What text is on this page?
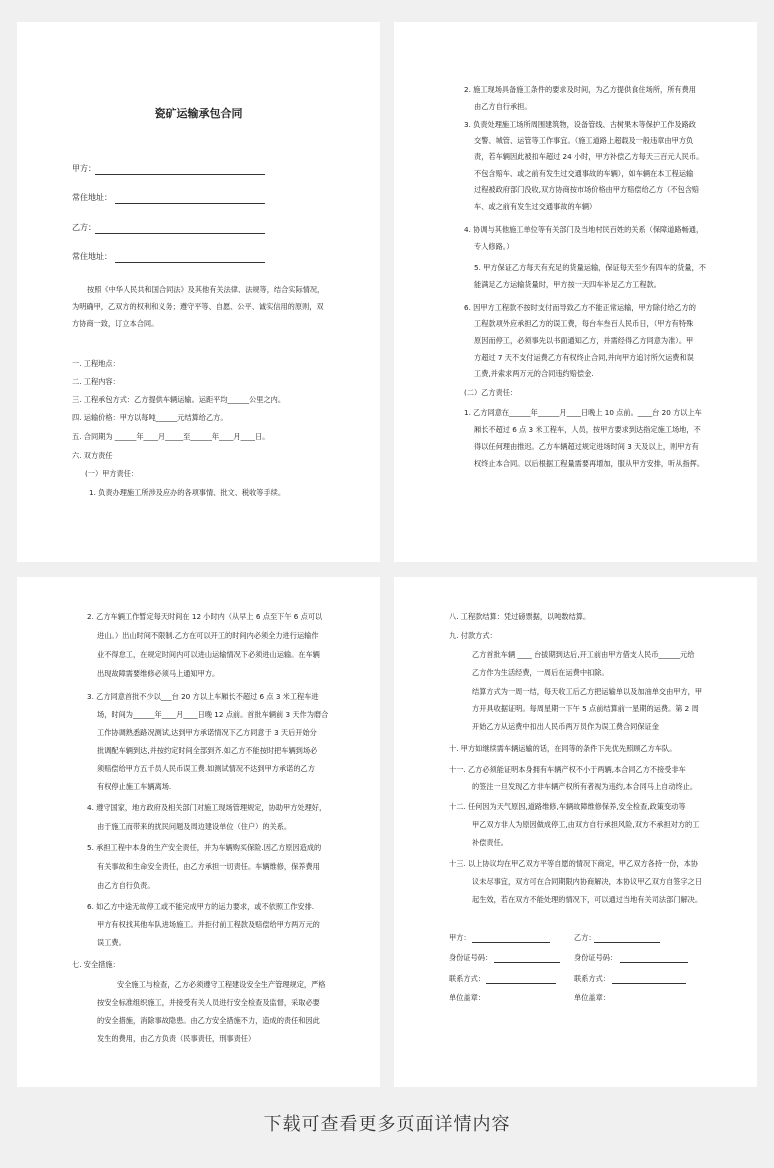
瓷矿运输承包合同
甲方：
常住地址：
乙方：
常住地址：
按照《中华人民共和国合同法》及其他有关法律、法规等，结合实际情况，
为明确甲，乙双方的权利和义务；遵守平等、自愿、公平、诚实信用的原则，双
方协商一致，订立本合同。
一. 工程地点：
二. 工程内容：
三. 工程承包方式：乙方提供车辆运输。运距平均______公里之内。
四. 运输价格：甲方以每吨______元结算给乙方。
五. 合同期为 ______年____月_____至______年____月____日。
六. 双方责任
(一）甲方责任：
1. 负责办理施工所涉及应办的各项事情、批文、税收等手续。
2. 施工现场具备施工条件的要求及时间，为乙方提供食住场所，所有费用
由乙方自行承担。
3. 负责处理施工场所周围建筑物，设备管线、古树果木等保护工作及路政
交警、城管、运管等工作事宜。（施工道路上超载及一般违章由甲方负
责，若车辆因此被扣车超过 24 小时，甲方补偿乙方每天三百元人民币。
不包含赔车、或之前有发生过交通事故的车辆），如车辆在本工程运输
过程被政府部门没收,双方协商按市场价格由甲方赔偿给乙方（不包含赔
车、或之前有发生过交通事故的车辆）
4. 协调与其他施工单位等有关部门及当地村民百姓的关系（保障道路畅通，
专人修路。）
5. 甲方保证乙方每天有充足的货量运输，保证每天至少有四车的货量，不
能满足乙方运输货量时，甲方按一天四车补足乙方工程款。
6. 因甲方工程款不按时支付而导致乙方不能正常运输，甲方除付给乙方的
工程款项外应承担乙方的误工费，每台车叁百人民币日，（甲方有特殊
原因而停工，必须事先以书面通知乙方，并需经得乙方同意为准）。甲
方超过 7 天不支付运费乙方有权终止合同,并向甲方追讨所欠运费和误
工费,并索求两万元的合同违约赔偿金.
(二）乙方责任：
1. 乙方同意在______年______月____日晚上 10 点前。____台 20 方以上车
厢长不超过 6 点 3 米工程车，人员，按甲方要求到达指定施工场地，不
得以任何理由推迟。乙方车辆超过规定进场时间 3 天及以上，则甲方有
权终止本合同。以后根据工程量需要再增加，服从甲方安排，听从指挥。
2. 乙方车辆工作暂定每天时间在 12 小时内（从早上 6 点至下午 6 点可以
进山。）出山时间不限制.乙方在可以开工的时间内必须全力进行运输作
业不得怠工，在规定时间内可以进山运输情况下必须进山运输。在车辆
出现故障需要维修必须马上通知甲方。
3. 乙方同意首批不少以___台 20 方以上车厢长不超过 6 点 3 米工程车进
场，时间为______年____月____日晚 12 点前。首批车辆前 3 天作为磨合
工作协调熟悉路况测试,达到甲方承诺情况下乙方同意于 3 天后开始分
批调配车辆到达,并按约定时间全部到齐.如乙方不能按时把车辆到场必
须赔偿给甲方五千员人民币误工费.如测试情况不达到甲方承诺的乙方
有权停止施工车辆离场.
4. 遵守国家，地方政府及相关部门对施工现场管理规定，协助甲方处理好，
由于施工而带来的扰民问题及周边建设单位（住户）的关系。
5. 承担工程中本身的生产安全责任，并为车辆购买保险.因乙方原因造成的
有关事故和生命安全责任，由乙方承担一切责任。车辆维修，保养费用
由乙方自行负责。
6. 如乙方中途无故停工或不能完成甲方的运力要求，或不依照工作安排.
甲方有权找其他车队进场施工。并拒付前工程款及赔偿给甲方两万元的
误工费。
七. 安全措施：
安全施工与检查，乙方必须遵守工程建设安全生产管理规定，严格
按安全标准组织施工，并接受有关人员进行安全检查及监督，采取必要
的安全措施，消除事故隐患。由乙方安全措施不力，造成的责任和因此
发生的费用，由乙方负责（民事责任，刑事责任）
八. 工程款结算：凭过磅票据，以吨数结算。
九. 付款方式：
乙方首批车辆 ____ 台拔期到达后,开工前由甲方借支人民币______元给
乙方作为生活经费，一周后在运费中扣除。
结算方式为一周一结，每天收工后乙方把运输单以及加油单交由甲方，甲
方开具收据证明。每周星期一下午 5 点前结算前一星期的运费。第 2 周
开始乙方从运费中扣出人民币两万员作为误工费合同保证金
十. 甲方如继续需车辆运输的话，在同等的条件下先优先照顾乙方车队。
十一. 乙方必须能证明本身拥有车辆产权不小于两辆,本合同乙方不接受非车
的签注一旦发现乙方非车辆产权所有者视为违约,本合同马上自动终止。
十二. 任何因为天气原因,道路维修,车辆故障维修保养,安全检查,政策变动等
甲乙双方非人为原因做成停工,由双方自行承担风险,双方不承担对方的工
补偿责任。
十三. 以上协议均在甲乙双方平等自愿的情况下商定，甲乙双方各持一份，本协
议未尽事宜，双方可在合同期限内协商解决，本协议甲乙双方自签字之日
起生效，若在双方不能处理的情况下，可以通过当地有关司法部门解决。
甲方：	乙方：
身份证号码：	身份证号码：
联系方式：	联系方式：
单位盖章：	单位盖章：
下载可查看更多页面详情内容
